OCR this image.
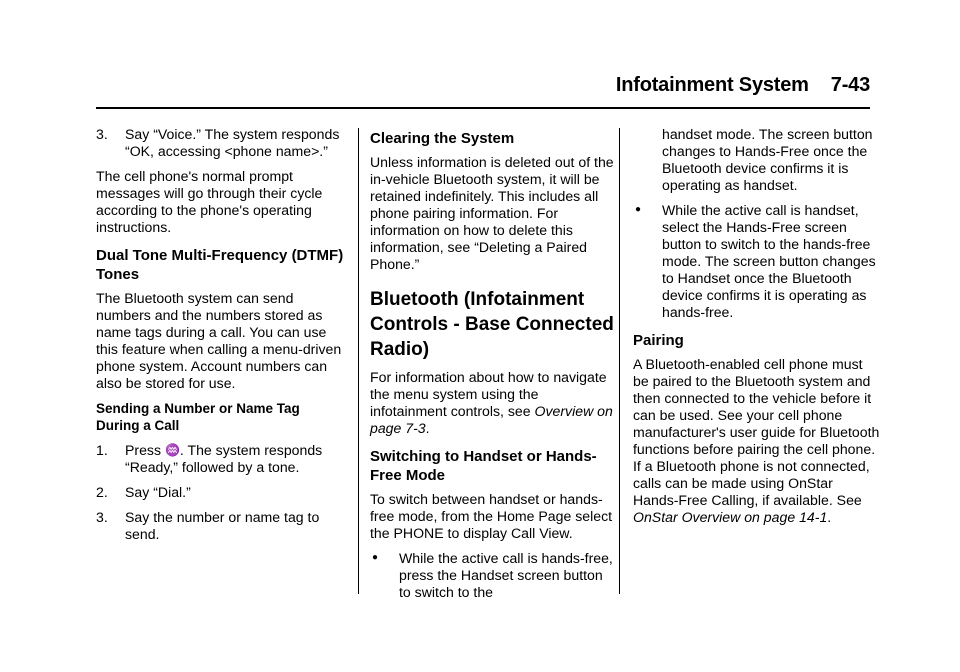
Infotainment System 7-43
3. Say “Voice.” The system responds “OK, accessing <phone name>.”

The cell phone's normal prompt messages will go through their cycle according to the phone's operating instructions.

Dual Tone Multi-Frequency (DTMF) Tones

The Bluetooth system can send numbers and the numbers stored as name tags during a call. You can use this feature when calling a menu-driven phone system. Account numbers can also be stored for use.

Sending a Number or Name Tag During a Call
1. Press ♒. The system responds “Ready,” followed by a tone.
2. Say “Dial.”
3. Say the number or name tag to send.
Clearing the System

Unless information is deleted out of the in-vehicle Bluetooth system, it will be retained indefinitely. This includes all phone pairing information. For information on how to delete this information, see “Deleting a Paired Phone.”

Bluetooth (Infotainment Controls - Base Connected Radio)

For information about how to navigate the menu system using the infotainment controls, see Overview on page 7-3.

Switching to Handset or Hands-Free Mode

To switch between handset or hands-free mode, from the Home Page select the PHONE to display Call View.

● While the active call is hands-free, press the Handset screen button to switch to the
handset mode. The screen button changes to Hands-Free once the Bluetooth device confirms it is operating as handset.
● While the active call is handset, select the Hands-Free screen button to switch to the hands-free mode. The screen button changes to Handset once the Bluetooth device confirms it is operating as hands-free.
Pairing

A Bluetooth-enabled cell phone must be paired to the Bluetooth system and then connected to the vehicle before it can be used. See your cell phone manufacturer's user guide for Bluetooth functions before pairing the cell phone. If a Bluetooth phone is not connected, calls can be made using OnStar Hands-Free Calling, if available. See OnStar Overview on page 14-1.
